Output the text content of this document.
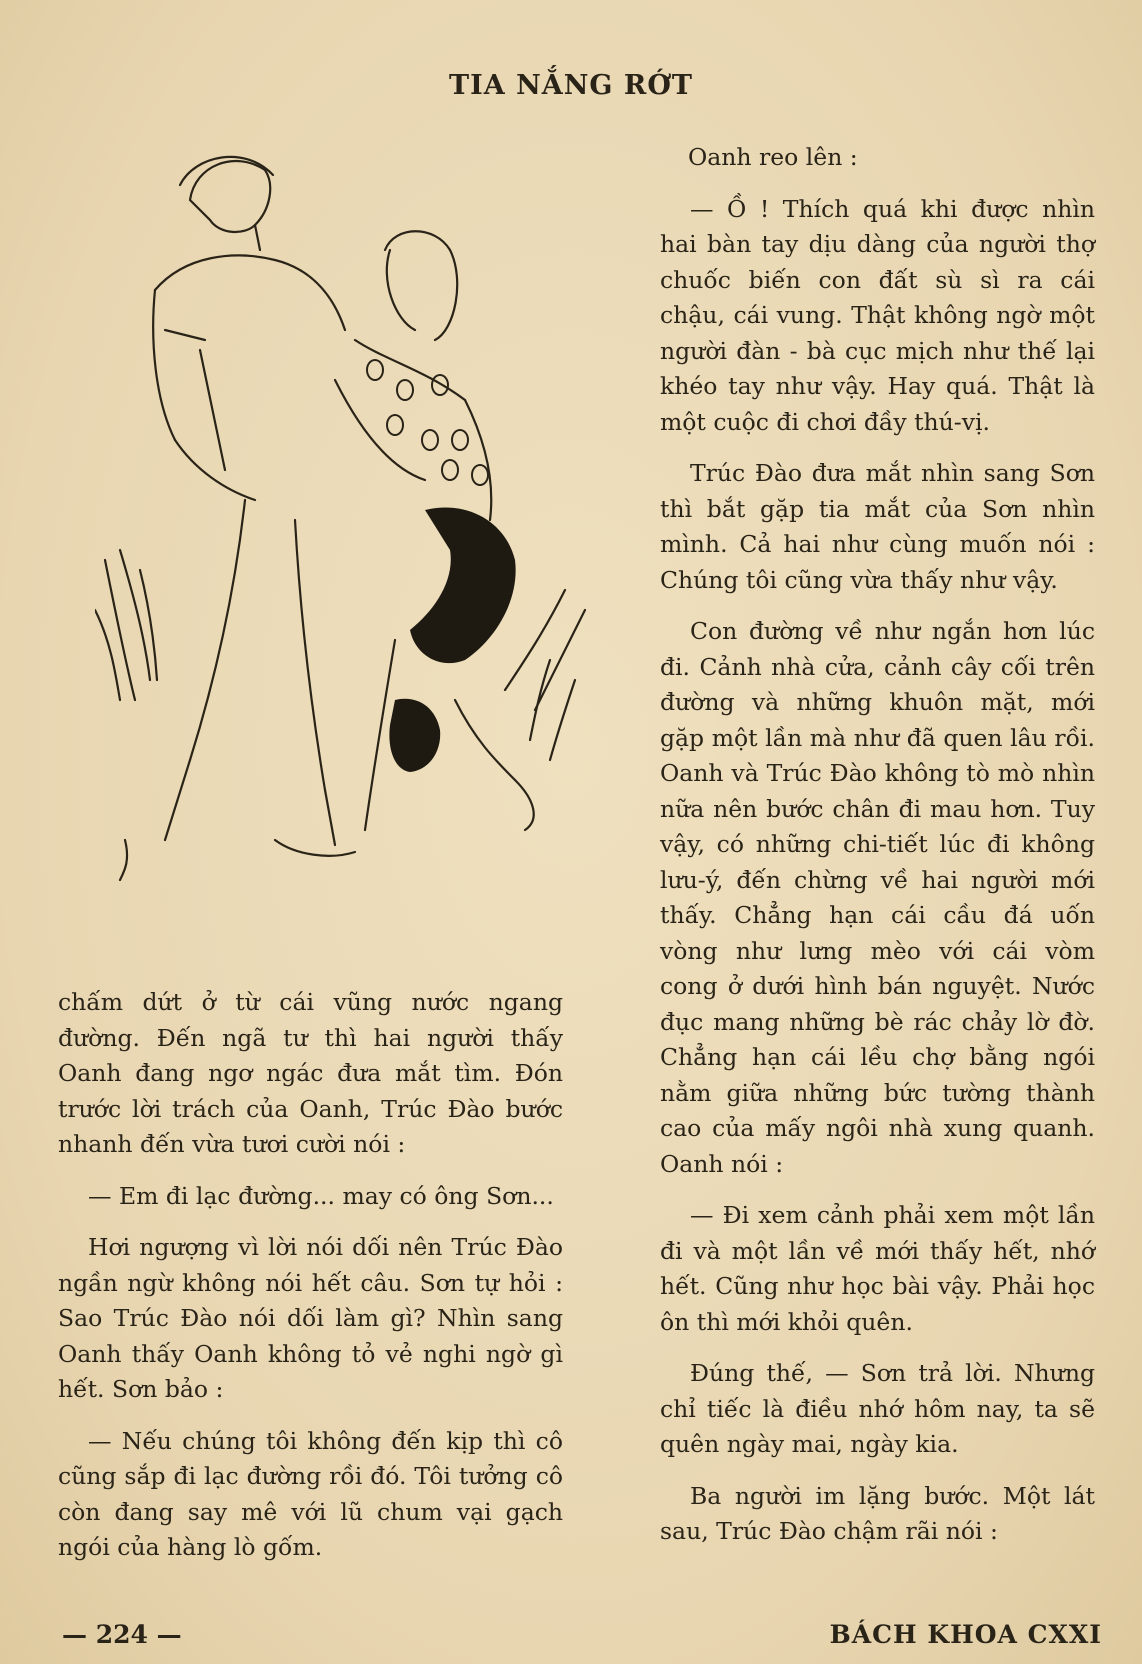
TIA NẮNG RỚT

chấm dứt ở từ cái vũng nước ngang đường. Đến ngã tư thì hai người thấy Oanh đang ngơ ngác đưa mắt tìm. Đón trước lời trách của Oanh, Trúc Đào bước nhanh đến vừa tươi cười nói :

— Em đi lạc đường... may có ông Sơn...

Hơi ngượng vì lời nói dối nên Trúc Đào ngần ngừ không nói hết câu. Sơn tự hỏi : Sao Trúc Đào nói dối làm gì? Nhìn sang Oanh thấy Oanh không tỏ vẻ nghi ngờ gì hết. Sơn bảo :

— Nếu chúng tôi không đến kịp thì cô cũng sắp đi lạc đường rồi đó. Tôi tưởng cô còn đang say mê với lũ chum vại gạch ngói của hàng lò gốm.

Oanh reo lên :

— Ồ ! Thích quá khi được nhìn hai bàn tay dịu dàng của người thợ chuốc biến con đất sù sì ra cái chậu, cái vung. Thật không ngờ một người đàn - bà cục mịch như thế lại khéo tay như vậy. Hay quá. Thật là một cuộc đi chơi đầy thú-vị.

Trúc Đào đưa mắt nhìn sang Sơn thì bắt gặp tia mắt của Sơn nhìn mình. Cả hai như cùng muốn nói : Chúng tôi cũng vừa thấy như vậy.

Con đường về như ngắn hơn lúc đi. Cảnh nhà cửa, cảnh cây cối trên đường và những khuôn mặt, mới gặp một lần mà như đã quen lâu rồi. Oanh và Trúc Đào không tò mò nhìn nữa nên bước chân đi mau hơn. Tuy vậy, có những chi-tiết lúc đi không lưu-ý, đến chừng về hai người mới thấy. Chẳng hạn cái cầu đá uốn vòng như lưng mèo với cái vòm cong ở dưới hình bán nguyệt. Nước đục mang những bè rác chảy lờ đờ. Chẳng hạn cái lều chợ bằng ngói nằm giữa những bức tường thành cao của mấy ngôi nhà xung quanh. Oanh nói :

— Đi xem cảnh phải xem một lần đi và một lần về mới thấy hết, nhớ hết. Cũng như học bài vậy. Phải học ôn thì mới khỏi quên.

Đúng thế, — Sơn trả lời. Nhưng chỉ tiếc là điều nhớ hôm nay, ta sẽ quên ngày mai, ngày kia.

Ba người im lặng bước. Một lát sau, Trúc Đào chậm rãi nói :

— 224 —	BÁCH KHOA CXXI
